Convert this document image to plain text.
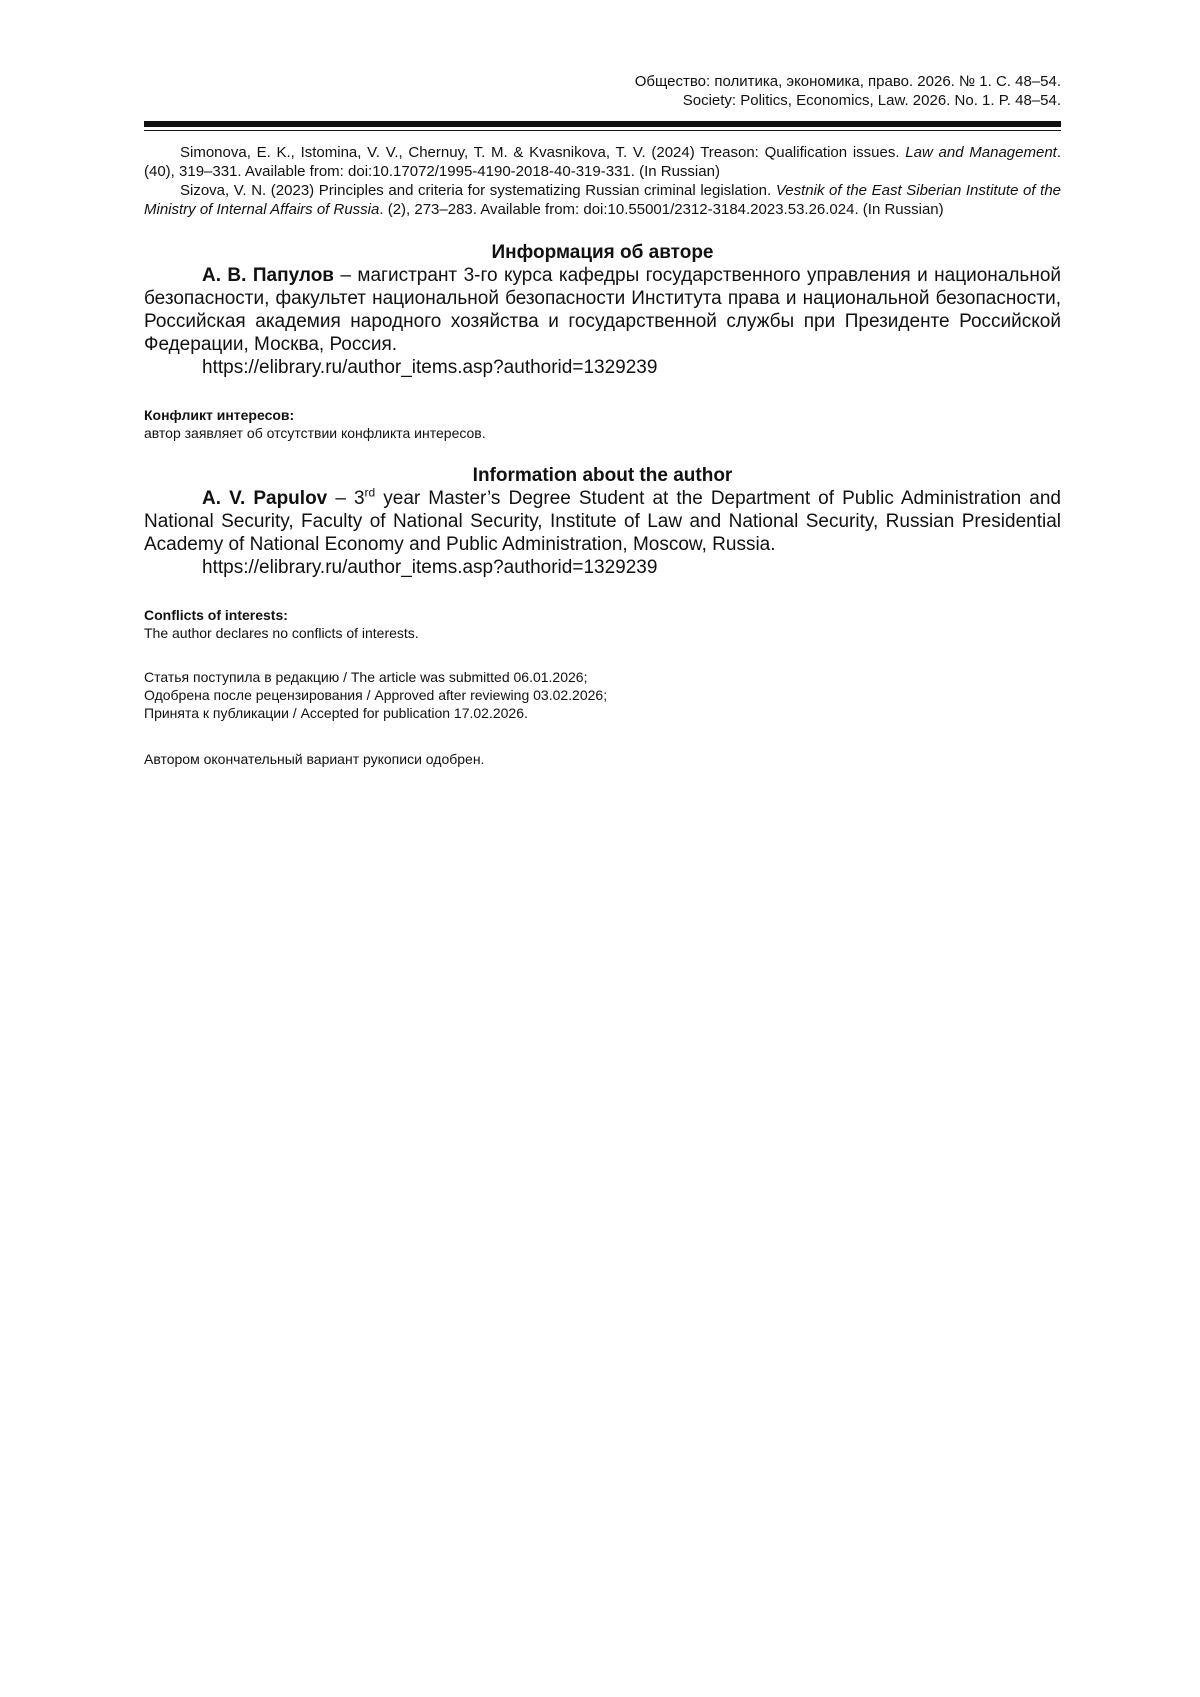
Общество: политика, экономика, право. 2026. № 1. С. 48–54.
Society: Politics, Economics, Law. 2026. No. 1. P. 48–54.

Simonova, E. K., Istomina, V. V., Chernuy, T. M. & Kvasnikova, T. V. (2024) Treason: Qualification issues. Law and Management. (40), 319–331. Available from: doi:10.17072/1995-4190-2018-40-319-331. (In Russian)

Sizova, V. N. (2023) Principles and criteria for systematizing Russian criminal legislation. Vestnik of the East Siberian Institute of the Ministry of Internal Affairs of Russia. (2), 273–283. Available from: doi:10.55001/2312-3184.2023.53.26.024. (In Russian)

Информация об авторе

А. В. Папулов – магистрант 3-го курса кафедры государственного управления и национальной безопасности, факультет национальной безопасности Института права и национальной безопасности, Российская академия народного хозяйства и государственной службы при Президенте Российской Федерации, Москва, Россия.

https://elibrary.ru/author_items.asp?authorid=1329239

Конфликт интересов:
автор заявляет об отсутствии конфликта интересов.
Information about the author

A. V. Papulov – 3rd year Master’s Degree Student at the Department of Public Administration and National Security, Faculty of National Security, Institute of Law and National Security, Russian Presidential Academy of National Economy and Public Administration, Moscow, Russia.

https://elibrary.ru/author_items.asp?authorid=1329239

Conflicts of interests:
The author declares no conflicts of interests.
Статья поступила в редакцию / The article was submitted 06.01.2026;
Одобрена после рецензирования / Approved after reviewing 03.02.2026;
Принята к публикации / Accepted for publication 17.02.2026.
Автором окончательный вариант рукописи одобрен.
